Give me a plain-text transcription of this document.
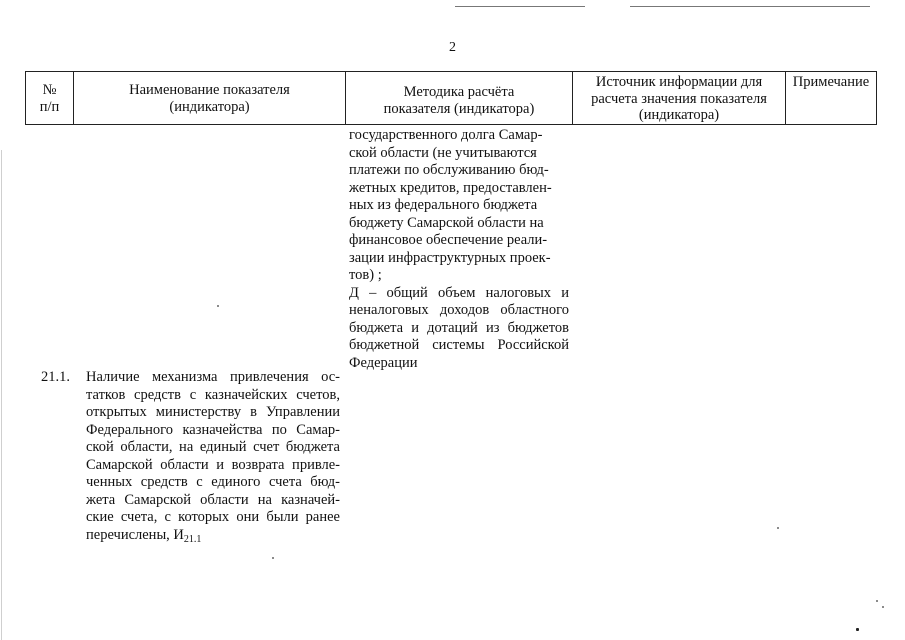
2
№
п/п
Наименование показателя
(индикатора)
Методика расчёта
показателя (индикатора)
Источник информации для
расчета значения показателя
(индикатора)
Примечание
государственного долга Самар-
ской области (не учитываются
платежи по обслуживанию бюд-
жетных кредитов, предоставлен-
ных из федерального бюджета
бюджету Самарской области на
финансовое обеспечение реали-
зации инфраструктурных проек-
тов) ;
Д – общий объем налоговых и
неналоговых доходов областного
бюджета и дотаций из бюджетов
бюджетной системы Российской
Федерации
21.1. Наличие механизма привлечения ос-
татков средств с казначейских счетов,
открытых министерству в Управлении
Федерального казначейства по Самар-
ской области, на единый счет бюджета
Самарской области и возврата привле-
ченных средств с единого счета бюд-
жета Самарской области на казначей-
ские счета, с которых они были ранее
перечислены, $И_{21.1}$
